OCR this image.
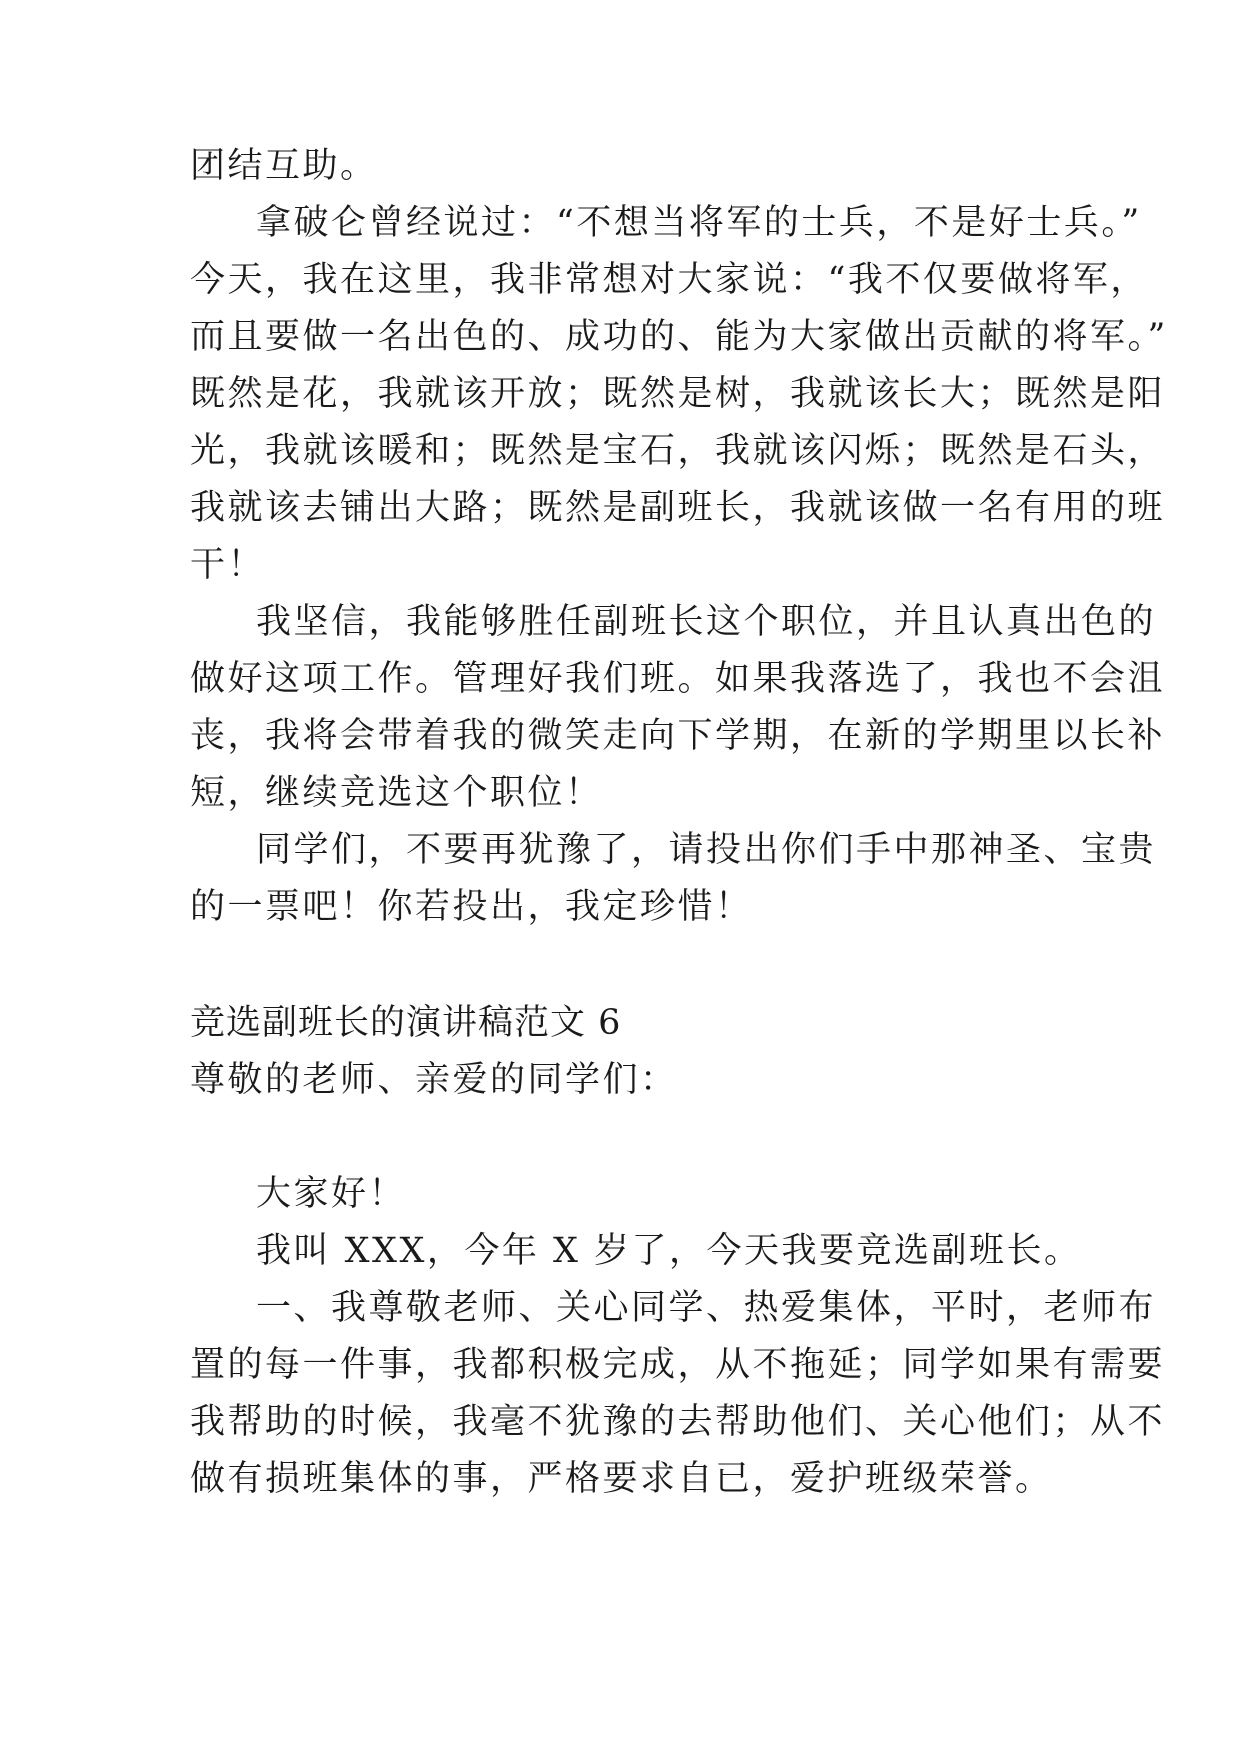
团结互助。

拿破仑曾经说过：“不想当将军的士兵，不是好士兵。”

今天，我在这里，我非常想对大家说：“我不仅要做将军，

而且要做一名出色的、成功的、能为大家做出贡献的将军。”

既然是花，我就该开放；既然是树，我就该长大；既然是阳

光，我就该暖和；既然是宝石，我就该闪烁；既然是石头，

我就该去铺出大路；既然是副班长，我就该做一名有用的班

干！

我坚信，我能够胜任副班长这个职位，并且认真出色的

做好这项工作。管理好我们班。如果我落选了，我也不会沮

丧，我将会带着我的微笑走向下学期，在新的学期里以长补

短，继续竞选这个职位！

同学们，不要再犹豫了，请投出你们手中那神圣、宝贵

的一票吧！你若投出，我定珍惜！

竞选副班长的演讲稿范文 6

尊敬的老师、亲爱的同学们：

大家好！

我叫 XXX，今年 X 岁了，今天我要竞选副班长。

一、我尊敬老师、关心同学、热爱集体，平时，老师布

置的每一件事，我都积极完成，从不拖延；同学如果有需要

我帮助的时候，我毫不犹豫的去帮助他们、关心他们；从不

做有损班集体的事，严格要求自已，爱护班级荣誉。
